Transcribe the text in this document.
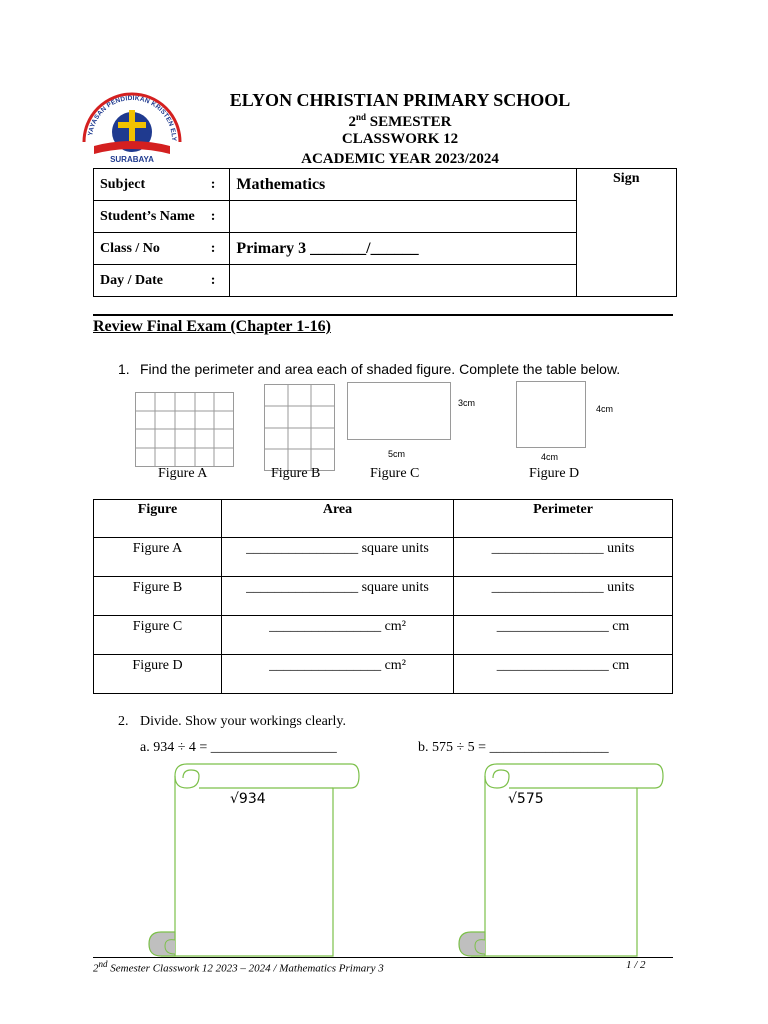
YAYASAN PENDIDIKAN KRISTEN ELY
SURABAYA
ELYON CHRISTIAN PRIMARY SCHOOL
2nd SEMESTER
CLASSWORK 12
ACADEMIC YEAR 2023/2024
Subject :	Mathematics	Sign

Student’s Name :		

Class / No :	Primary 3 _______/______	

Day / Date :		

Review Final Exam (Chapter 1-16)
1. Find the perimeter and area each of shaded figure. Complete the table below.
3cm
5cm
4cm
4cm
Figure A	Figure B	Figure C	Figure D
Figure	Area	Perimeter
Figure A	________________ square units	________________ units
Figure B	________________ square units	________________ units
Figure C	________________ cm²	________________ cm
Figure D	________________ cm²	________________ cm
2. Divide. Show your workings clearly.
a. 934 ÷ 4 = __________________	b. 575 ÷ 5 = _________________
√934	√575
2nd Semester Classwork 12 2023 – 2024 / Mathematics Primary 3	1 / 2
